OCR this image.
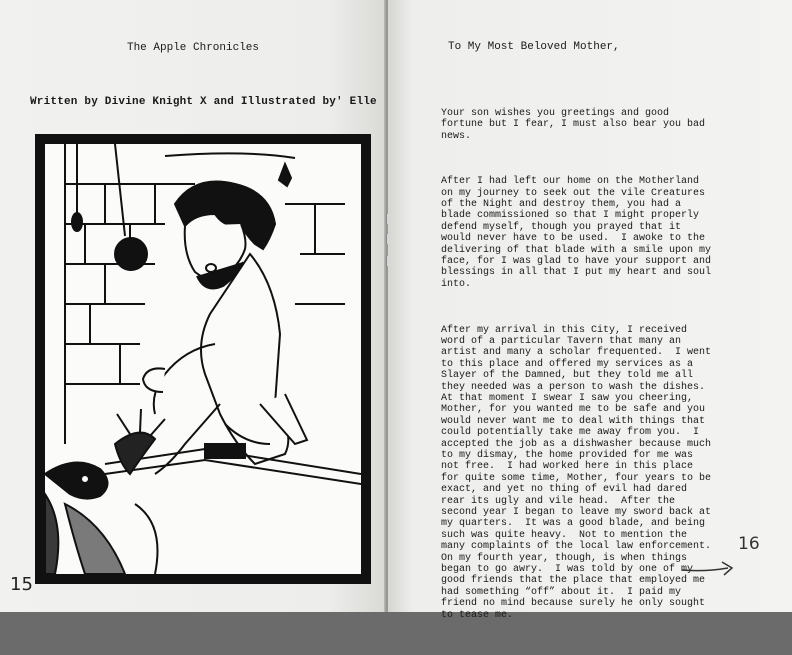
The Apple Chronicles
Written by Divine Knight X and Illustrated by' Elle
15
To My Most Beloved Mother,

Your son wishes you greetings and good
fortune but I fear, I must also bear you bad
news.

After I had left our home on the Motherland
on my journey to seek out the vile Creatures
of the Night and destroy them, you had a
blade commissioned so that I might properly
defend myself, though you prayed that it
would never have to be used.  I awoke to the
delivering of that blade with a smile upon my
face, for I was glad to have your support and
blessings in all that I put my heart and soul
into.

After my arrival in this City, I received
word of a particular Tavern that many an
artist and many a scholar frequented.  I went
to this place and offered my services as a
Slayer of the Damned, but they told me all
they needed was a person to wash the dishes.
At that moment I swear I saw you cheering,
Mother, for you wanted me to be safe and you
would never want me to deal with things that
could potentially take me away from you.  I
accepted the job as a dishwasher because much
to my dismay, the home provided for me was
not free.  I had worked here in this place
for quite some time, Mother, four years to be
exact, and yet no thing of evil had dared
rear its ugly and vile head.  After the
second year I began to leave my sword back at
my quarters.  It was a good blade, and being
such was quite heavy.  Not to mention the
many complaints of the local law enforcement.
On my fourth year, though, is when things
began to go awry.  I was told by one of my
good friends that the place that employed me
had something “off” about it.  I paid my
friend no mind because surely he only sought
to tease me.

16
